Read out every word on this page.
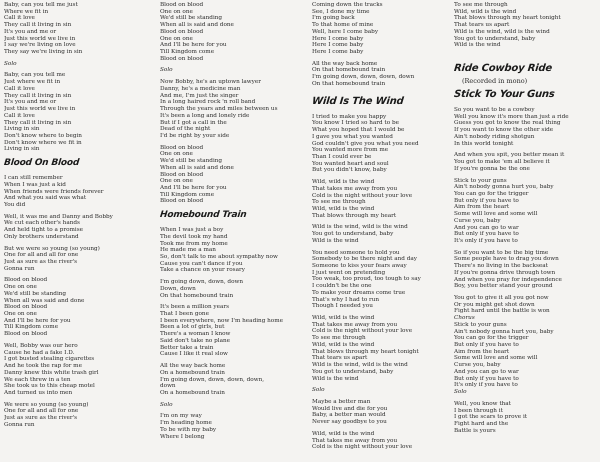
Baby, can you tell me just
Where we fit in
Call it love
They call it living in sin
It's you and me or
Just this world we live in
I say we're living on love
They say we're living in sin
Solo
Baby, can you tell me
Just where we fit in
Call it love
They call it living in sin
It's you and me or
Just this world we live in
Call it love
They call it living in sin
Living in sin
Don't know where to begin
Don't know where we fit in
Living in sin
Blood On Blood
I can still remember
When I was just a kid
When friends were friends forever
And what you said was what
You did
Well, it was me and Danny and Bobby
We cut each other's hands
And held tight to a promise
Only brothers understand
But we were so young (so young)
One for all and all for one
Just as sure as the river's
Gonna run
Blood on blood
One on one
We'd still be standing
When all was said and done
Blood on blood
One on one
And I'll be here for you
Till Kingdom come
Blood on blood
Well, Bobby was our hero
Cause he had a fake I.D.
I got busted stealing cigarettes
And he took the rap for me
Danny knew this white trash girl
We each threw in a ten
She took us to this cheap motel
And turned us into men
We were so young (so young)
One for all and all for one
Just as sure as the river's
Gonna run
Blood on blood
One on one
We'd still be standing
When all is said and done
Blood on blood
One on one
And I'll be here for you
Till Kingdom come
Blood on blood
Solo
Now Bobby, he's an uptown lawyer
Danny, he's a medicine man
And me, I'm just the singer
In a long haired rock 'n roll band
Through the years and miles between us
It's been a long and lonely ride
But if I got a call in the
Dead of the night
I'd be right by your side
Blood on blood
One on one
We'd still be standing
When all is said and done
Blood on blood
One on one
And I'll be here for you
Till Kingdom come
Blood on blood
Homebound Train
When I was just a boy
The devil took my hand
Took me from my home
He made me a man
So, don't talk to me about sympathy now
Cause you can't dance if you
Take a chance on your rosary
I'm going down, down, down
Down, down
On that homebound train
It's been a million years
That I been gone
I been everywhere, now I'm heading home
Been a lot of girls, but
There's a woman I know
Said don't take no plane
Better take a train
Cause I like it real slow
All the way back home
On a homebound train
I'm going down, down, down, down,
down
On a homebound train
Solo
I'm on my way
I'm heading home
To be with my baby
Where I belong
Coming down the tracks
See, I done my time
I'm going back
To that home of mine
Well, here I come baby
Here I come baby
Here I come baby
Here I come baby
All the way back home
On that homebound train
I'm going down, down, down, down
On that homebound train
Wild Is The Wind
I tried to make you happy
You know I tried so hard to be
What you hoped that I would be
I gave you what you wanted
God couldn't give you what you need
You wanted more from me
Than I could ever be
You wanted heart and soul
But you didn't know, baby
Wild, wild is the wind
That takes me away from you
Cold is the night without your love
To see me through
Wild, wild is the wind
That blows through my heart
Wild is the wind, wild is the wind
You got to understand, baby
Wild is the wind
You need someone to hold you
Somebody to be there night and day
Someone to kiss your fears away
I just went on pretending
Too weak, too proud, too tough to say
I couldn't be the one
To make your dreams come true
That's why I had to run
Though I needed you
Wild, wild is the wind
That takes me away from you
Cold is the night without your love
To see me through
Wild, wild is the wind
That blows through my heart tonight
That tears us apart
Wild is the wind, wild is the wind
You got to understand, baby
Wild is the wind
Solo
Maybe a better man
Would live and die for you
Baby, a better man would
Never say goodbye to you
Wild, wild is the wind
That takes me away from you
Cold is the night without your love
To see me through
Wild, wild is the wind
That blows through my heart tonight
That tears us apart
Wild is the wind, wild is the wind
You got to understand, baby
Wild is the wind
Ride Cowboy Ride
(Recorded in mono)
Stick To Your Guns
So you want to be a cowboy
Well you know it's more than just a ride
Guess you got to know the real thing
If you want to know the other side
Ain't nobody riding shotgun
In this world tonight
And when you spit, you better mean it
You got to make 'em all believe it
If you're gonna be the one
Stick to your guns
Ain't nobody gonna hurt you, baby
You can go for the trigger
But only if you have to
Aim from the heart
Some will love and some will
Curse you, baby
And you can go to war
But only if you have to
It's only if you have to
So if you want to be the big time
Some people have to drag you down
There's no living in the backseat
If you're gonna drive through town
And when you pray for independence
Boy, you better stand your ground
You got to give it all you got now
Or you might get shot down
Fight hard until the battle is won
Chorus
Stick to your guns
Ain't nobody gonna hurt you, baby
You can go for the trigger
But only if you have to
Aim from the heart
Some will love and some will
Curse you, baby
And you can go to war
But only if you have to
It's only if you have to
Solo
Well, you know that
I been through it
I got the scars to prove it
Fight hard and the
Battle is yours
